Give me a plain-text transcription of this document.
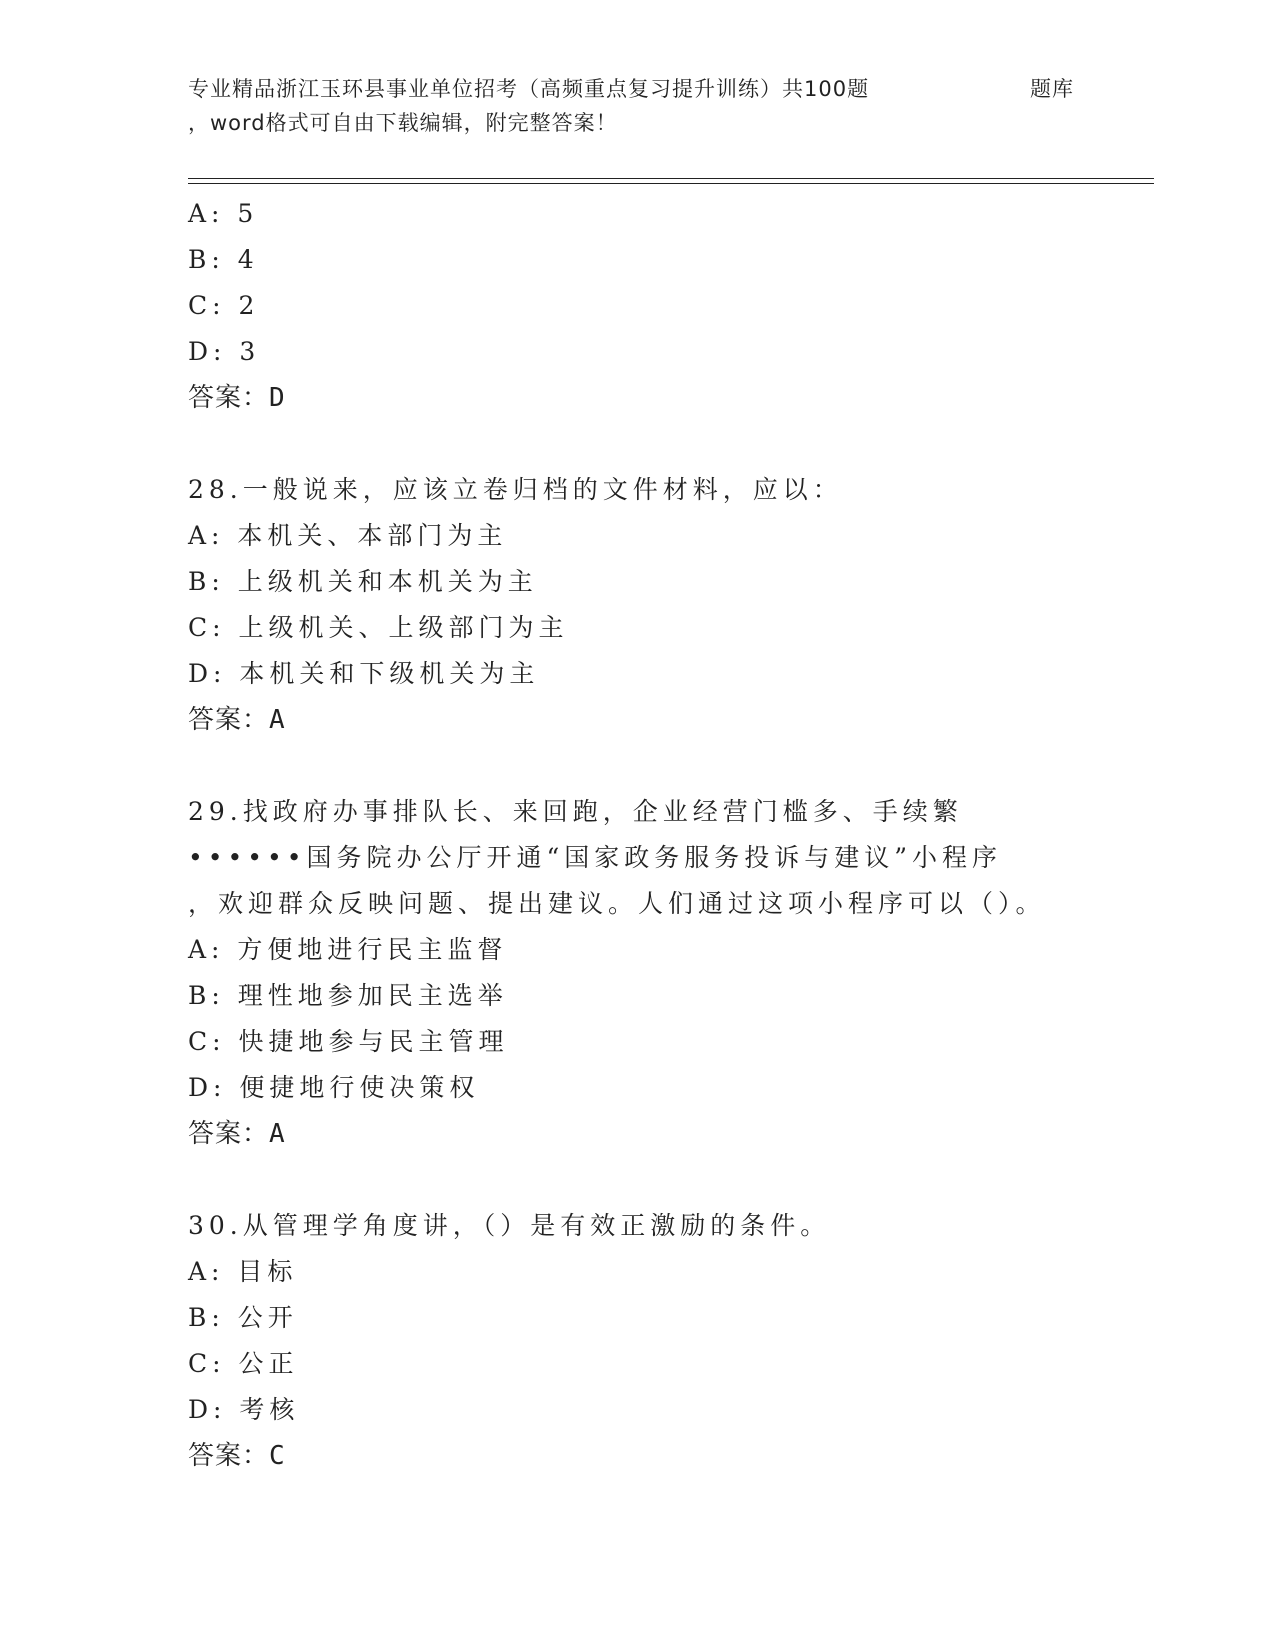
专业精品浙江玉环县事业单位招考（高频重点复习提升训练）共100题	题库
，word格式可自由下载编辑，附完整答案！
A: 5
B: 4
C: 2
D: 3
答案：D
28.一般说来，应该立卷归档的文件材料，应以：
A: 本机关、本部门为主
B: 上级机关和本机关为主
C: 上级机关、上级部门为主
D: 本机关和下级机关为主
答案：A
29.找政府办事排队长、来回跑，企业经营门槛多、手续繁
••••••国务院办公厅开通“国家政务服务投诉与建议”小程序
，欢迎群众反映问题、提出建议。人们通过这项小程序可以（）。
A: 方便地进行民主监督
B: 理性地参加民主选举
C: 快捷地参与民主管理
D: 便捷地行使决策权
答案：A
30.从管理学角度讲，（）是有效正激励的条件。
A: 目标
B: 公开
C: 公正
D: 考核
答案：C
